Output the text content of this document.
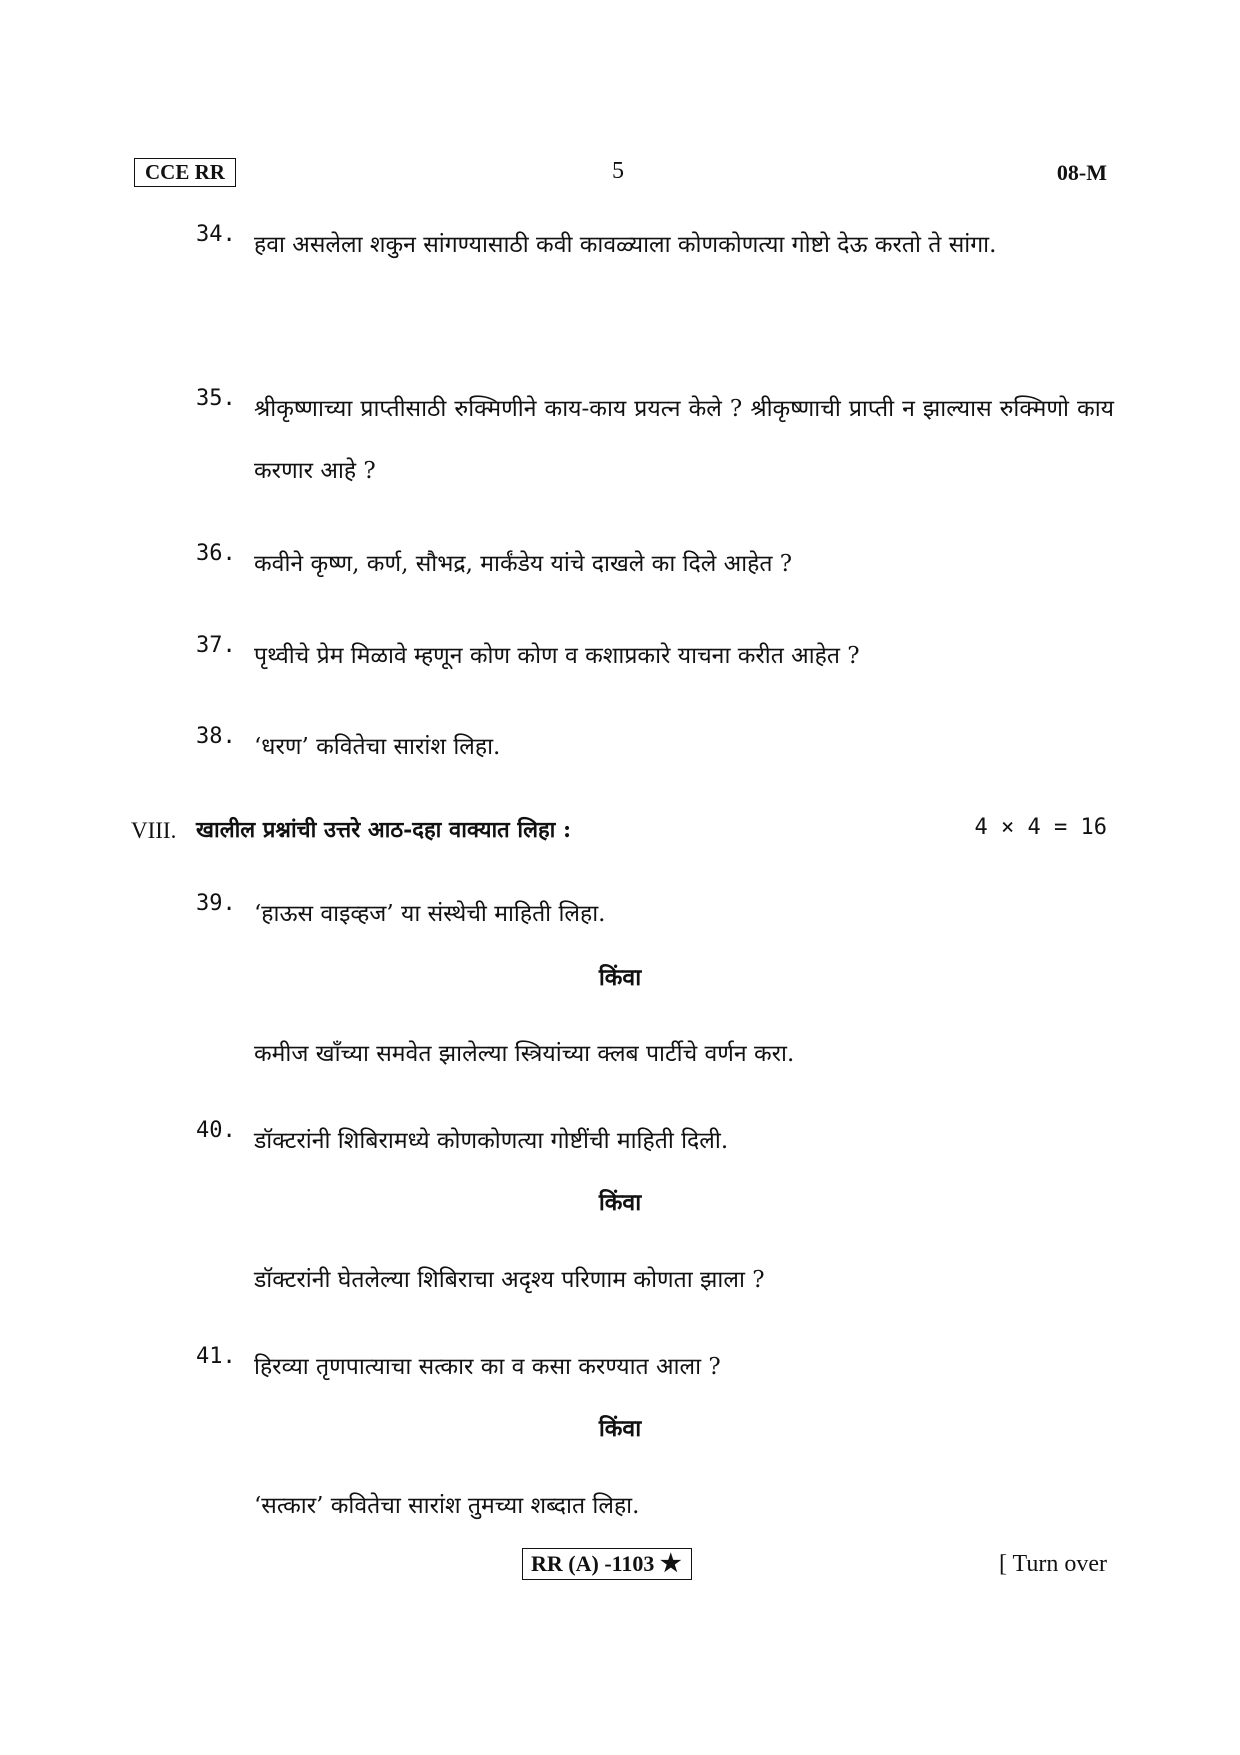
CCE RR	5	08-M
34. हवा असलेला शकुन सांगण्यासाठी कवी कावळ्याला कोणकोणत्या गोष्टो देऊ करतो ते सांगा.
35. श्रीकृष्णाच्या प्राप्तीसाठी रुक्मिणीने काय-काय प्रयत्न केले ? श्रीकृष्णाची प्राप्ती न झाल्यास रुक्मिणो काय करणार आहे ?
36. कवीने कृष्ण, कर्ण, सौभद्र, मार्कंडेय यांचे दाखले का दिले आहेत ?
37. पृथ्वीचे प्रेम मिळावे म्हणून कोण कोण व कशाप्रकारे याचना करीत आहेत ?
38. ‘धरण’ कवितेचा सारांश लिहा.
VIII. खालील प्रश्नांची उत्तरे आठ-दहा वाक्यात लिहा :	4 × 4 = 16
39. ‘हाऊस वाइव्हज’ या संस्थेची माहिती लिहा.
किंवा
कमीज खाँच्या समवेत झालेल्या स्त्रियांच्या क्लब पार्टीचे वर्णन करा.
40. डॉक्टरांनी शिबिरामध्ये कोणकोणत्या गोष्टींची माहिती दिली.
किंवा
डॉक्टरांनी घेतलेल्या शिबिराचा अदृश्य परिणाम कोणता झाला ?
41. हिरव्या तृणपात्याचा सत्कार का व कसा करण्यात आला ?
किंवा
‘सत्कार’ कवितेचा सारांश तुमच्या शब्दात लिहा.
RR (A) -1103 ★	[ Turn over
